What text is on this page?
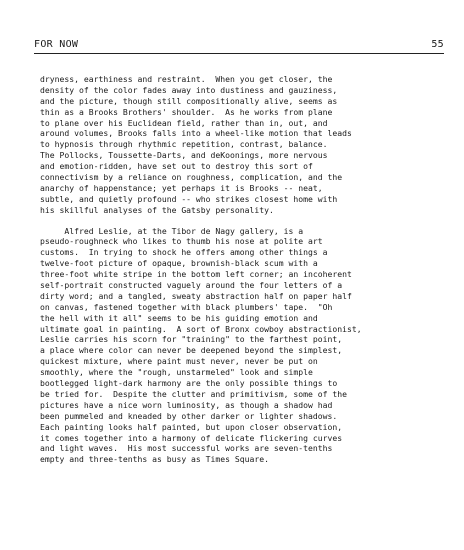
FOR NOW	55
dryness, earthiness and restraint.  When you get closer, the
density of the color fades away into dustiness and gauziness,
and the picture, though still compositionally alive, seems as
thin as a Brooks Brothers' shoulder.  As he works from plane
to plane over his Euclidean field, rather than in, out, and
around volumes, Brooks falls into a wheel-like motion that leads
to hypnosis through rhythmic repetition, contrast, balance.
The Pollocks, Toussette-Darts, and deKoonings, more nervous
and emotion-ridden, have set out to destroy this sort of
connectivism by a reliance on roughness, complication, and the
anarchy of happenstance; yet perhaps it is Brooks -- neat,
subtle, and quietly profound -- who strikes closest home with
his skillful analyses of the Gatsby personality.
Alfred Leslie, at the Tibor de Nagy gallery, is a
pseudo-roughneck who likes to thumb his nose at polite art
customs.  In trying to shock he offers among other things a
twelve-foot picture of opaque, brownish-black scum with a
three-foot white stripe in the bottom left corner; an incoherent
self-portrait constructed vaguely around the four letters of a
dirty word; and a tangled, sweaty abstraction half on paper half
on canvas, fastened together with black plumbers' tape.  "Oh
the hell with it all" seems to be his guiding emotion and
ultimate goal in painting.  A sort of Bronx cowboy abstractionist,
Leslie carries his scorn for "training" to the farthest point,
a place where color can never be deepened beyond the simplest,
quickest mixture, where paint must never, never be put on
smoothly, where the "rough, unstarmeled" look and simple
bootlegged light-dark harmony are the only possible things to
be tried for.  Despite the clutter and primitivism, some of the
pictures have a nice worn luminosity, as though a shadow had
been pummeled and kneaded by other darker or lighter shadows.
Each painting looks half painted, but upon closer observation,
it comes together into a harmony of delicate flickering curves
and light waves.  His most successful works are seven-tenths
empty and three-tenths as busy as Times Square.
